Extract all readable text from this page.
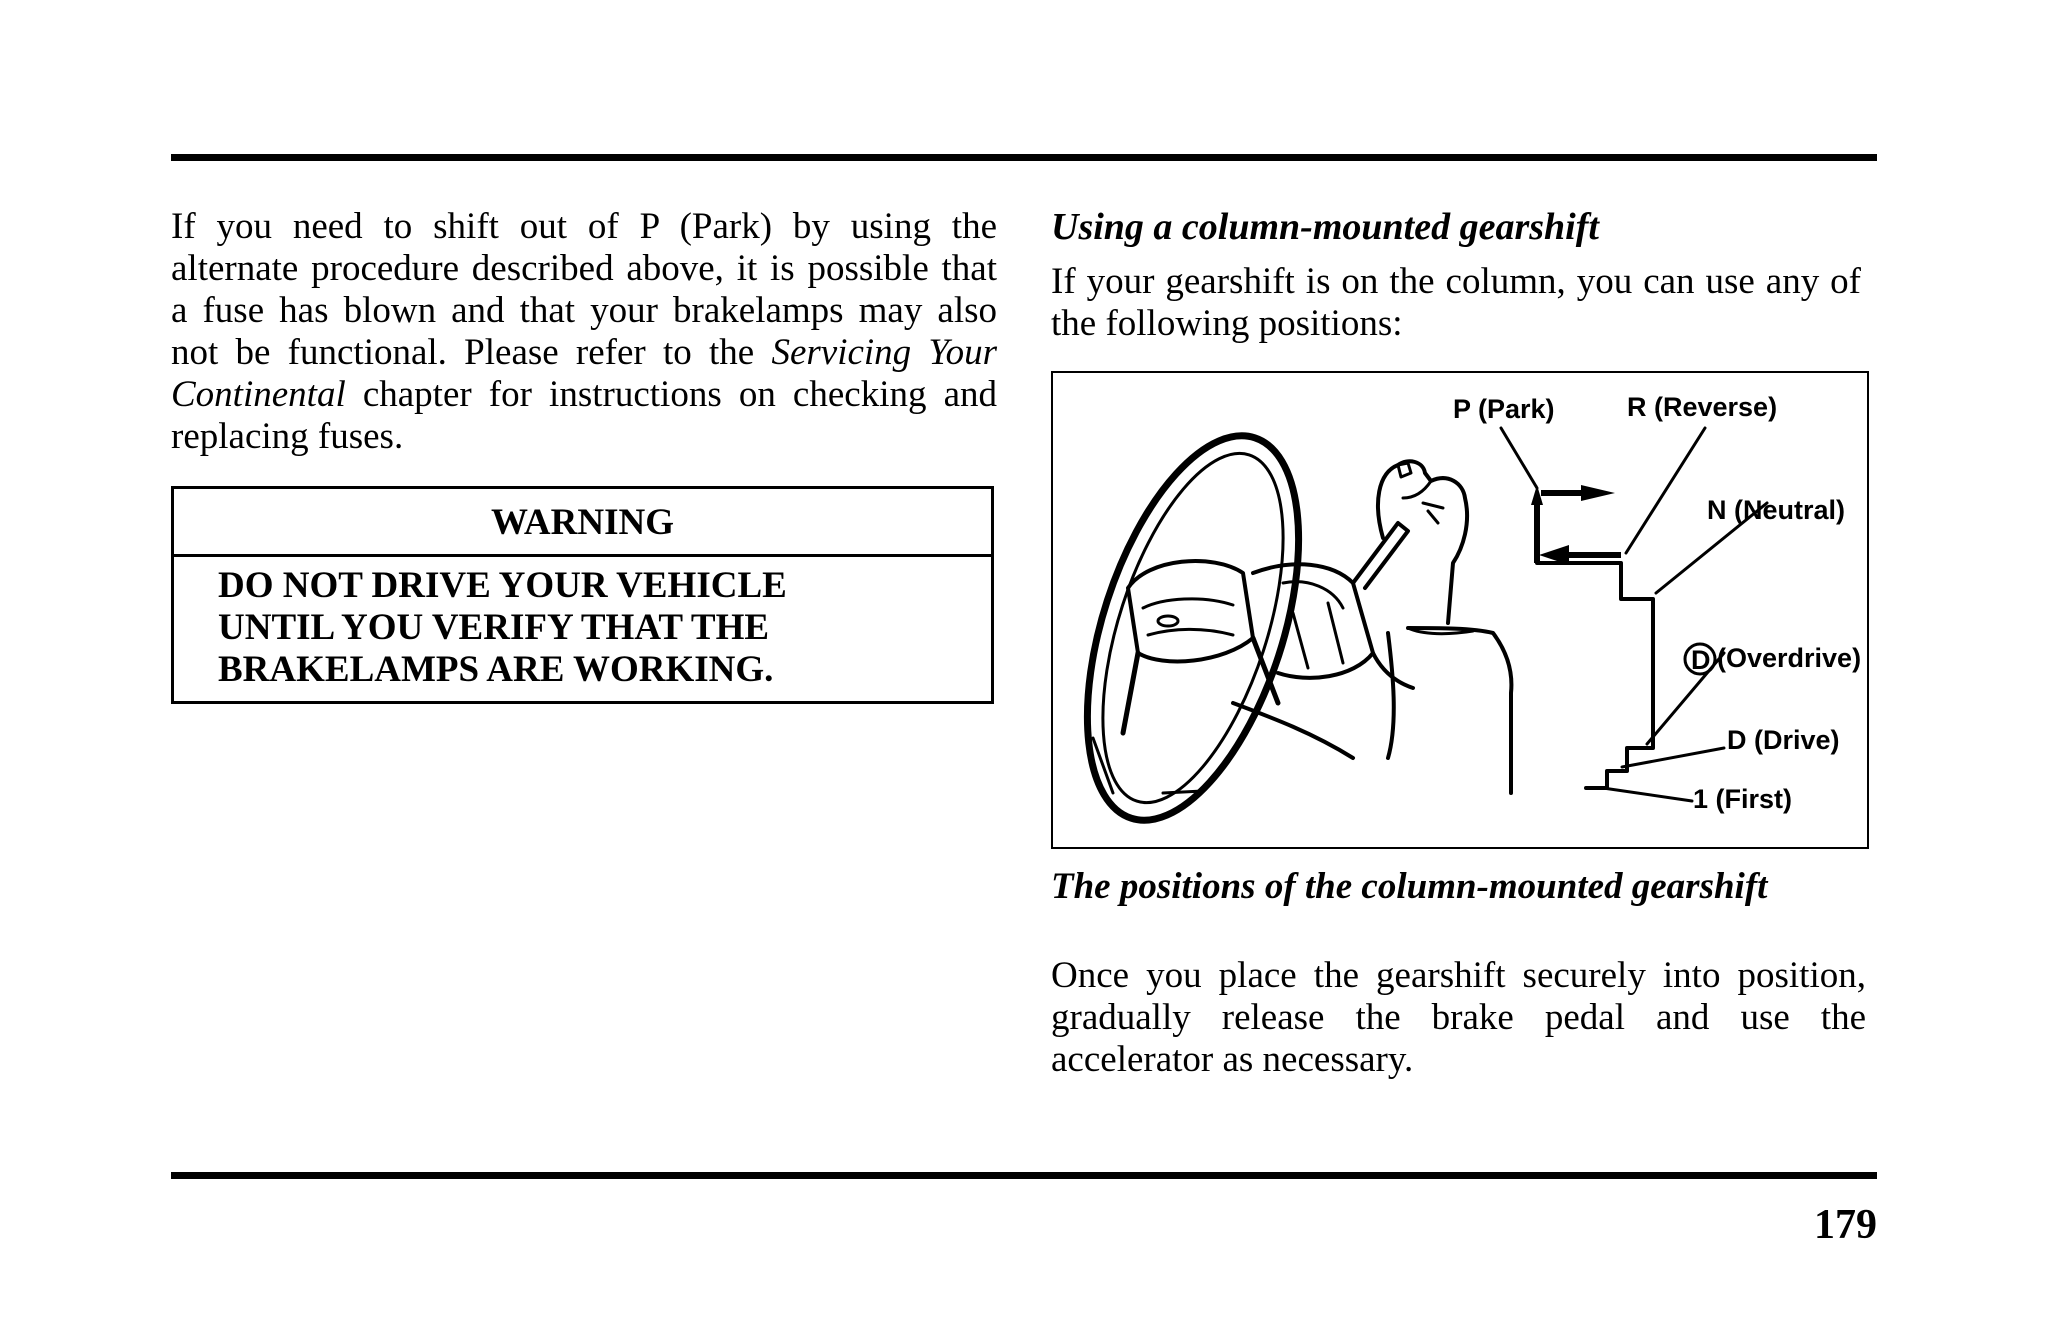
If you need to shift out of P (Park) by using the alternate procedure described above, it is possible that a fuse has blown and that your brakelamps may also not be functional. Please refer to the Servicing Your Continental chapter for instructions on checking and replacing fuses.

WARNING
DO NOT DRIVE YOUR VEHICLE
UNTIL YOU VERIFY THAT THE
BRAKELAMPS ARE WORKING.
Using a column-mounted gearshift

If your gearshift is on the column, you can use any of the following positions:

P (Park)	R (Reverse)
N (Neutral)
D (Overdrive)
D (Drive)
1 (First)

The positions of the column-mounted gearshift

Once you place the gearshift securely into position, gradually release the brake pedal and use the accelerator as necessary.

179
